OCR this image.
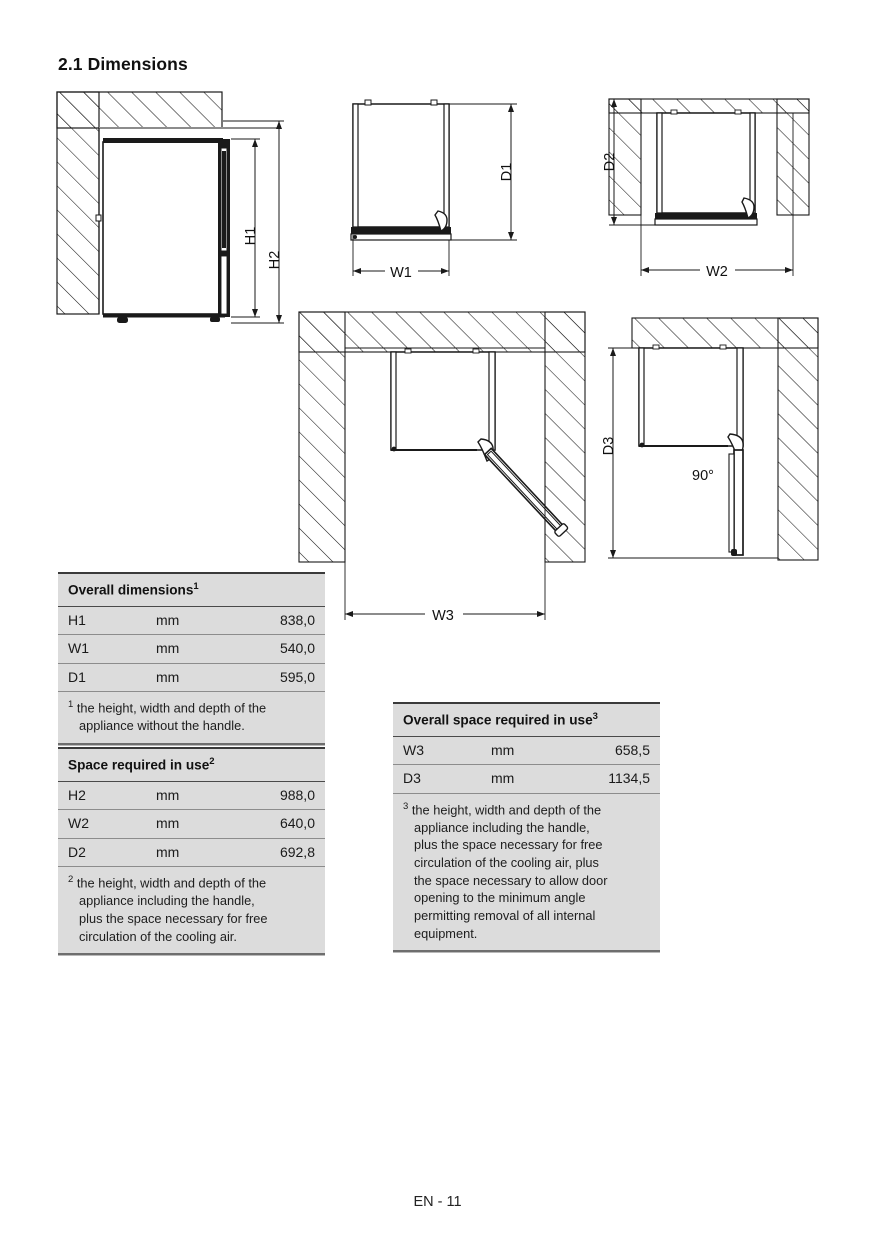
2.1 Dimensions
H1
H2
D1
W1
D2
W2
W3
90°
D3
Overall dimensions$^1$
H1	mm	838,0
W1	mm	540,0
D1	mm	595,0
$^1$ the height, width and depth of the
appliance without the handle.
Space required in use$^2$
H2	mm	988,0
W2	mm	640,0
D2	mm	692,8
$^2$ the height, width and depth of the
appliance including the handle,
plus the space necessary for free
circulation of the cooling air.
Overall space required in use$^3$
W3	mm	658,5
D3	mm	1134,5
$^3$ the height, width and depth of the
appliance including the handle,
plus the space necessary for free
circulation of the cooling air, plus
the space necessary to allow door
opening to the minimum angle
permitting removal of all internal
equipment.
EN - 11
